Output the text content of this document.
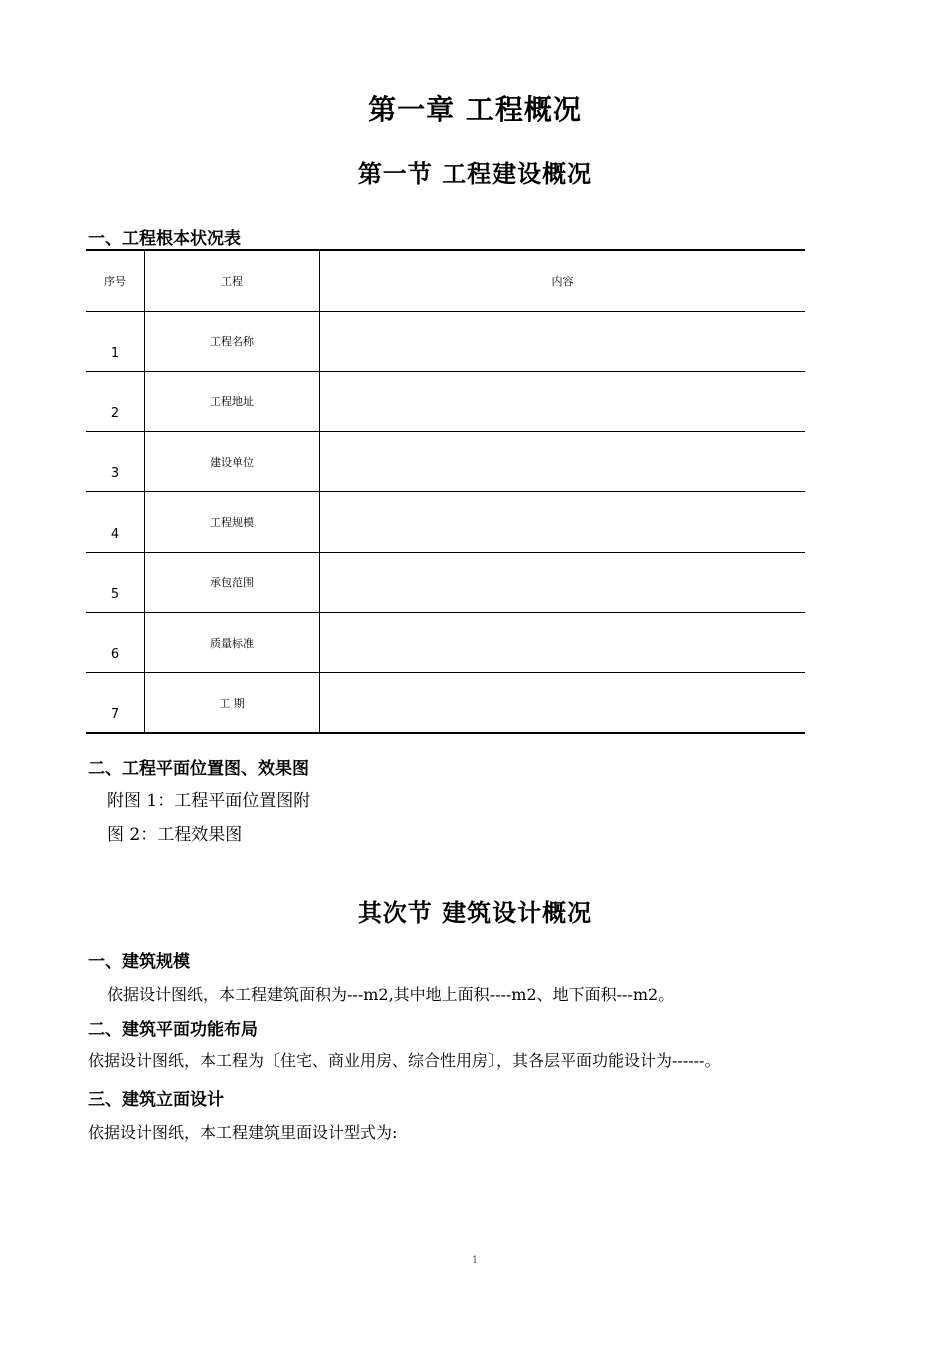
第一章 工程概况
第一节 工程建设概况
一、工程根本状况表
序号	工程	内容
1	工程名称	
2	工程地址	
3	建设单位	
4	工程规模	
5	承包范围	
6	质量标准	
7	工 期	
二、工程平面位置图、效果图
附图 1：工程平面位置图附
图 2：工程效果图
其次节 建筑设计概况
一、建筑规模
依据设计图纸，本工程建筑面积为---m2,其中地上面积----m2、地下面积---m2。
二、建筑平面功能布局
依据设计图纸，本工程为〔住宅、商业用房、综合性用房〕，其各层平面功能设计为------。
三、建筑立面设计
依据设计图纸，本工程建筑里面设计型式为:
1
